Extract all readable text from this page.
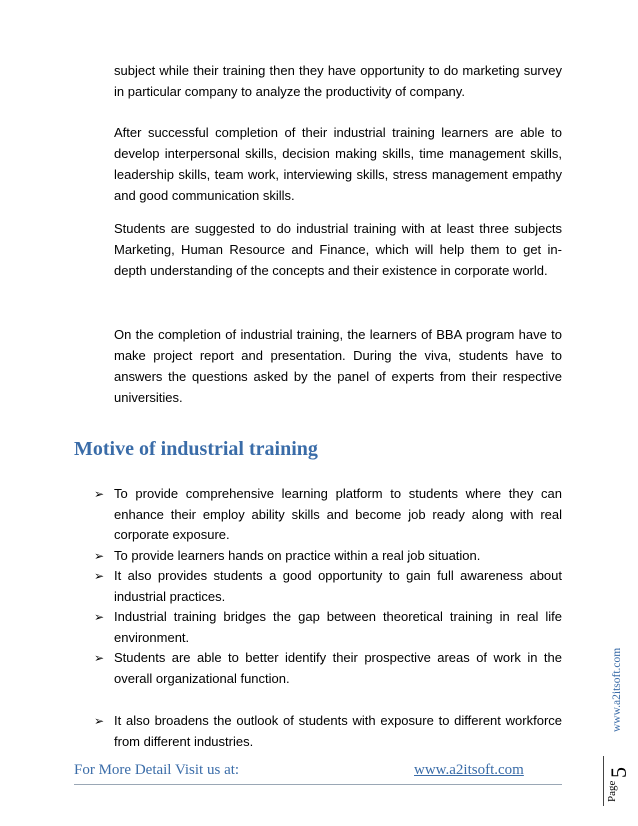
subject while their training then they have opportunity to do marketing survey in particular company to analyze the productivity of company.

After successful completion of their industrial training learners are able to develop interpersonal skills, decision making skills, time management skills, leadership skills, team work, interviewing skills, stress management empathy and good communication skills.

Students are suggested to do industrial training with at least three subjects Marketing, Human Resource and Finance, which will help them to get in-depth understanding of the concepts and their existence in corporate world.

On the completion of industrial training, the learners of BBA program have to make project report and presentation. During the viva, students have to answers the questions asked by the panel of experts from their respective universities.

Motive of industrial training
➢ To provide comprehensive learning platform to students where they can enhance their employ ability skills and become job ready along with real corporate exposure.
➢ To provide learners hands on practice within a real job situation.
➢ It also provides students a good opportunity to gain full awareness about industrial practices.
➢ Industrial training bridges the gap between theoretical training in real life environment.
➢ Students are able to better identify their prospective areas of work in the overall organizational function.
➢ It also broadens the outlook of students with exposure to different workforce from different industries.
www.a2itsoft.com
Page
5
For More Detail Visit us at:	www.a2itsoft.com
